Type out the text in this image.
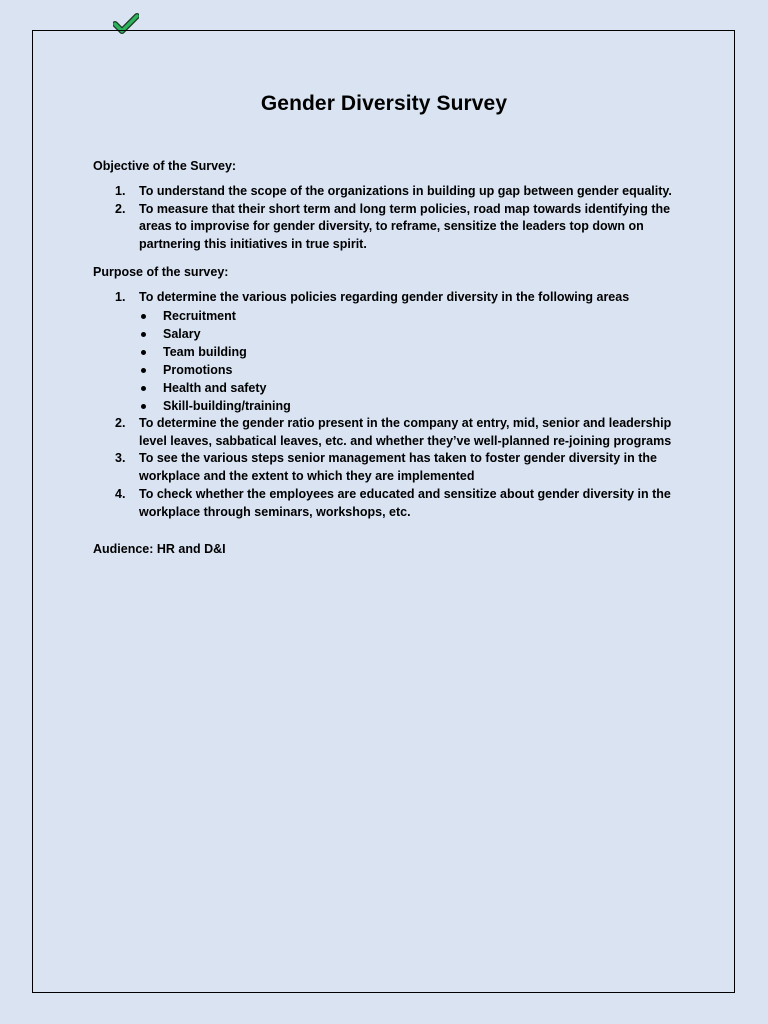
Gender Diversity Survey

Objective of the Survey:

1. To understand the scope of the organizations in building up gap between gender equality.
2. To measure that their short term and long term policies, road map towards identifying the areas to improvise for gender diversity, to reframe, sensitize the leaders top down on partnering this initiatives in true spirit.

Purpose of the survey:

1. To determine the various policies regarding gender diversity in the following areas
Recruitment
Salary
Team building
Promotions
Health and safety
Skill-building/training
2. To determine the gender ratio present in the company at entry, mid, senior and leadership level leaves, sabbatical leaves, etc. and whether they’ve well-planned re-joining programs
3. To see the various steps senior management has taken to foster gender diversity in the workplace and the extent to which they are implemented
4. To check whether the employees are educated and sensitize about gender diversity in the workplace through seminars, workshops, etc.

Audience: HR and D&I
